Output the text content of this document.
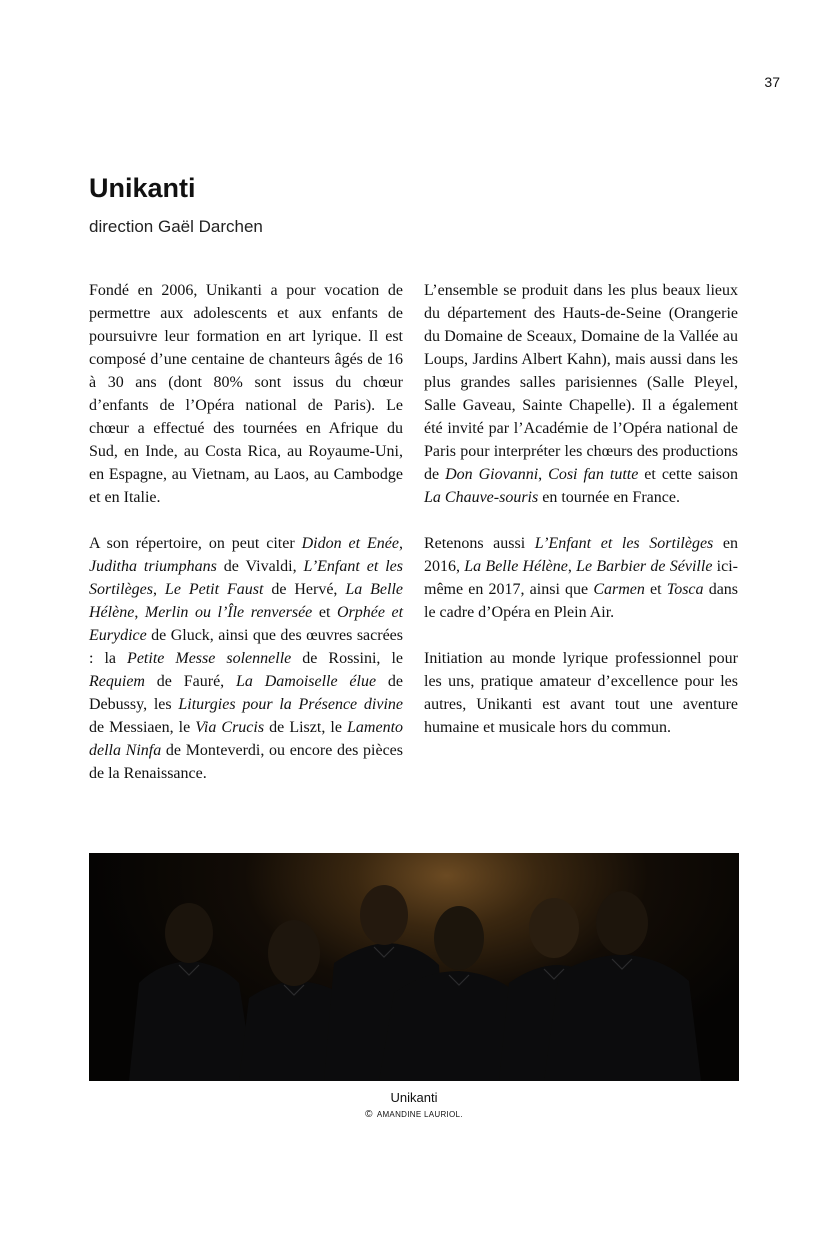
37
Unikanti
direction Gaël Darchen

Fondé en 2006, Unikanti a pour vocation de permettre aux adolescents et aux enfants de poursuivre leur formation en art lyrique. Il est composé d’une centaine de chanteurs âgés de 16 à 30 ans (dont 80% sont issus du chœur d’enfants de l’Opéra national de Paris). Le chœur a effectué des tournées en Afrique du Sud, en Inde, au Costa Rica, au Royaume-Uni, en Espagne, au Vietnam, au Laos, au Cambodge et en Italie.

A son répertoire, on peut citer Didon et Enée, Juditha triumphans de Vivaldi, L’Enfant et les Sortilèges, Le Petit Faust de Hervé, La Belle Hélène, Merlin ou l’Île renversée et Orphée et Eurydice de Gluck, ainsi que des œuvres sacrées : la Petite Messe solennelle de Rossini, le Requiem de Fauré, La Damoiselle élue de Debussy, les Liturgies pour la Présence divine de Messiaen, le Via Crucis de Liszt, le Lamento della Ninfa de Monteverdi, ou encore des pièces de la Renaissance.

L’ensemble se produit dans les plus beaux lieux du département des Hauts-de-Seine (Orangerie du Domaine de Sceaux, Domaine de la Vallée au Loups, Jardins Albert Kahn), mais aussi dans les plus grandes salles parisiennes (Salle Pleyel, Salle Gaveau, Sainte Chapelle). Il a également été invité par l’Académie de l’Opéra national de Paris pour interpréter les chœurs des productions de Don Giovanni, Cosi fan tutte et cette saison La Chauve-souris en tournée en France.

Retenons aussi L’Enfant et les Sortilèges en 2016, La Belle Hélène, Le Barbier de Séville ici-même en 2017, ainsi que Carmen et Tosca dans le cadre d’Opéra en Plein Air.

Initiation au monde lyrique professionnel pour les uns, pratique amateur d’excellence pour les autres, Unikanti est avant tout une aventure humaine et musicale hors du commun.

Unikanti
© AMANDINE LAURIOL.
